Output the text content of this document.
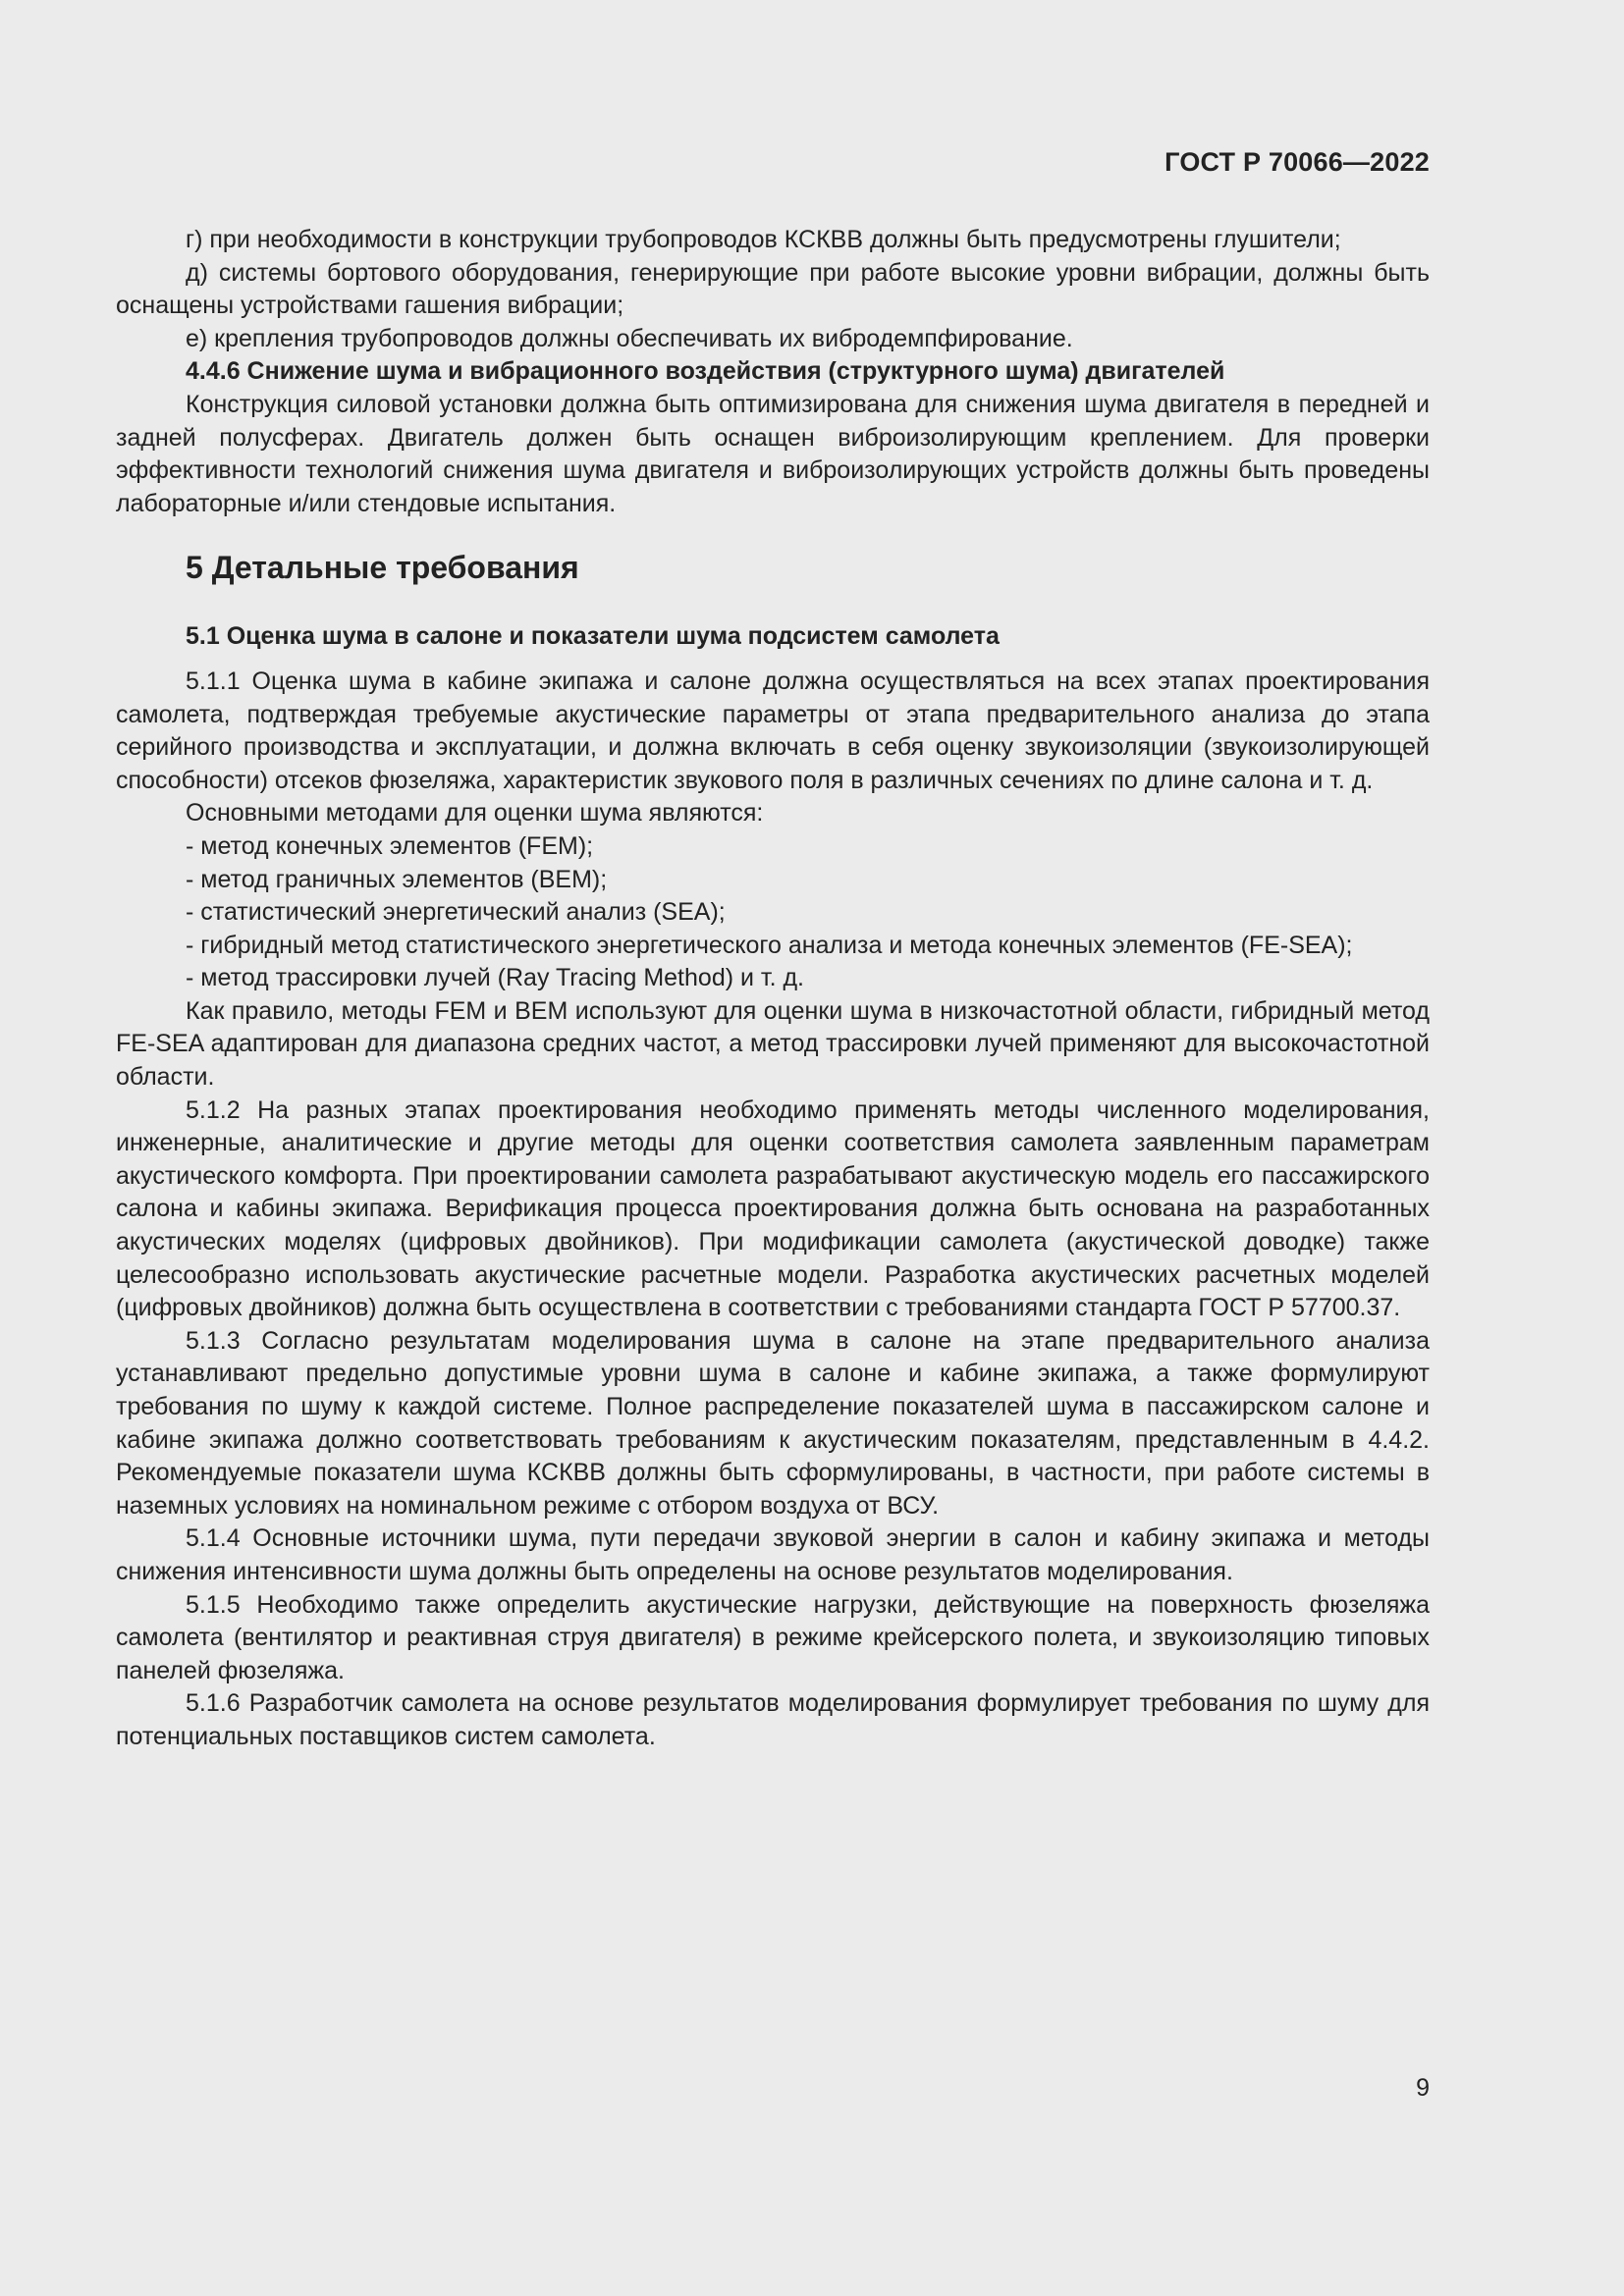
ГОСТ Р 70066—2022

г) при необходимости в конструкции трубопроводов КСКВВ должны быть предусмотрены глушители;

д) системы бортового оборудования, генерирующие при работе высокие уровни вибрации, должны быть оснащены устройствами гашения вибрации;

е) крепления трубопроводов должны обеспечивать их вибродемпфирование.

4.4.6 Снижение шума и вибрационного воздействия (структурного шума) двигателей

Конструкция силовой установки должна быть оптимизирована для снижения шума двигателя в передней и задней полусферах. Двигатель должен быть оснащен виброизолирующим креплением. Для проверки эффективности технологий снижения шума двигателя и виброизолирующих устройств должны быть проведены лабораторные и/или стендовые испытания.

5 Детальные требования

5.1 Оценка шума в салоне и показатели шума подсистем самолета

5.1.1 Оценка шума в кабине экипажа и салоне должна осуществляться на всех этапах проектирования самолета, подтверждая требуемые акустические параметры от этапа предварительного анализа до этапа серийного производства и эксплуатации, и должна включать в себя оценку звукоизоляции (звукоизолирующей способности) отсеков фюзеляжа, характеристик звукового поля в различных сечениях по длине салона и т. д.

Основными методами для оценки шума являются:

- метод конечных элементов (FEM);

- метод граничных элементов (BEM);

- статистический энергетический анализ (SEA);

- гибридный метод статистического энергетического анализа и метода конечных элементов (FE-SEA);

- метод трассировки лучей (Ray Tracing Method) и т. д.

Как правило, методы FEM и BEM используют для оценки шума в низкочастотной области, гибридный метод FE-SEA адаптирован для диапазона средних частот, а метод трассировки лучей применяют для высокочастотной области.

5.1.2 На разных этапах проектирования необходимо применять методы численного моделирования, инженерные, аналитические и другие методы для оценки соответствия самолета заявленным параметрам акустического комфорта. При проектировании самолета разрабатывают акустическую модель его пассажирского салона и кабины экипажа. Верификация процесса проектирования должна быть основана на разработанных акустических моделях (цифровых двойников). При модификации самолета (акустической доводке) также целесообразно использовать акустические расчетные модели. Разработка акустических расчетных моделей (цифровых двойников) должна быть осуществлена в соответствии с требованиями стандарта ГОСТ Р 57700.37.

5.1.3 Согласно результатам моделирования шума в салоне на этапе предварительного анализа устанавливают предельно допустимые уровни шума в салоне и кабине экипажа, а также формулируют требования по шуму к каждой системе. Полное распределение показателей шума в пассажирском салоне и кабине экипажа должно соответствовать требованиям к акустическим показателям, представленным в 4.4.2. Рекомендуемые показатели шума КСКВВ должны быть сформулированы, в частности, при работе системы в наземных условиях на номинальном режиме с отбором воздуха от ВСУ.

5.1.4 Основные источники шума, пути передачи звуковой энергии в салон и кабину экипажа и методы снижения интенсивности шума должны быть определены на основе результатов моделирования.

5.1.5 Необходимо также определить акустические нагрузки, действующие на поверхность фюзеляжа самолета (вентилятор и реактивная струя двигателя) в режиме крейсерского полета, и звукоизоляцию типовых панелей фюзеляжа.

5.1.6 Разработчик самолета на основе результатов моделирования формулирует требования по шуму для потенциальных поставщиков систем самолета.

9
